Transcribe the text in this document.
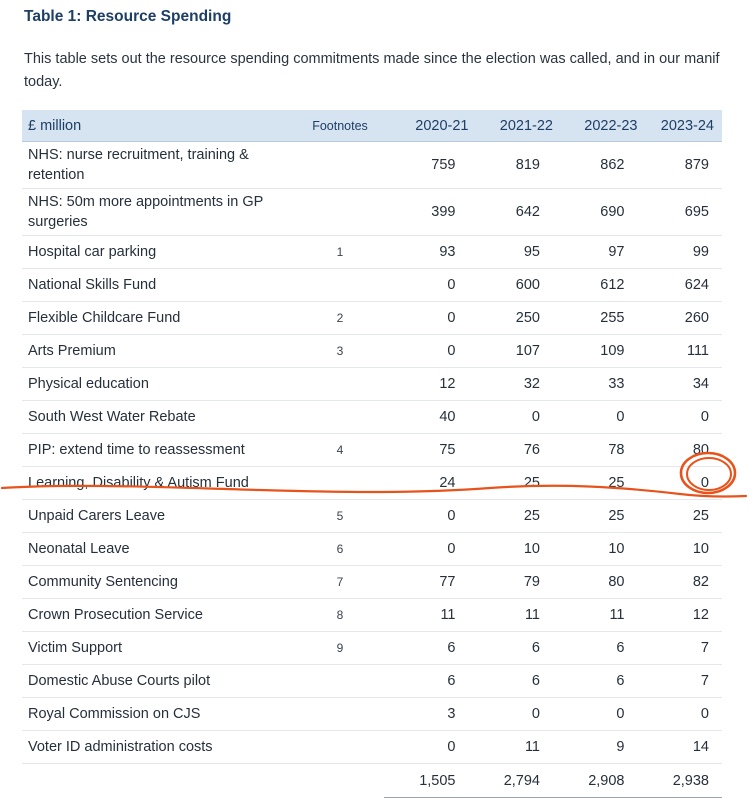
Table 1: Resource Spending
This table sets out the resource spending commitments made since the election was called, and in our manif
today.
£ million	Footnotes	2020-21	2021-22	2022-23	2023-24
NHS: nurse recruitment, training & retention		759	819	862	879
NHS: 50m more appointments in GP surgeries		399	642	690	695
Hospital car parking	1	93	95	97	99
National Skills Fund		0	600	612	624
Flexible Childcare Fund	2	0	250	255	260
Arts Premium	3	0	107	109	111
Physical education		12	32	33	34
South West Water Rebate		40	0	0	0
PIP: extend time to reassessment	4	75	76	78	80
Learning, Disability & Autism Fund		24	25	25	0
Unpaid Carers Leave	5	0	25	25	25
Neonatal Leave	6	0	10	10	10
Community Sentencing	7	77	79	80	82
Crown Prosecution Service	8	11	11	11	12
Victim Support	9	6	6	6	7
Domestic Abuse Courts pilot		6	6	6	7
Royal Commission on CJS		3	0	0	0
Voter ID administration costs		0	11	9	14
		1,505	2,794	2,908	2,938
